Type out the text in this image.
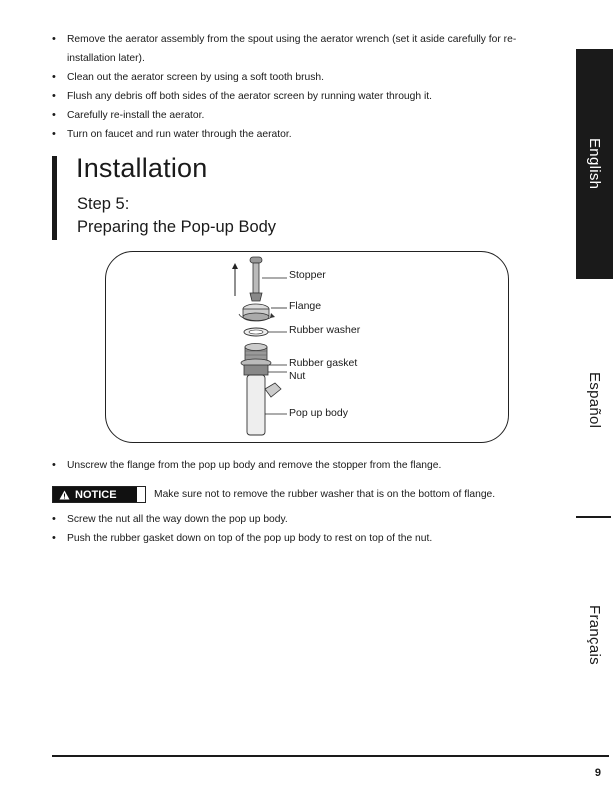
• Remove the aerator assembly from the spout using the aerator wrench (set it aside carefully for re-installation later).
• Clean out the aerator screen by using a soft tooth brush.
• Flush any debris off both sides of the aerator screen by running water through it.
• Carefully re-install the aerator.
• Turn on faucet and run water through the aerator.
Installation
Step 5:
Preparing the Pop-up Body
Stopper
Flange
Rubber washer
Rubber gasket
Nut
Pop up body
• Unscrew the flange from the pop up body and remove the stopper from the flange.
NOTICE	Make sure not to remove the rubber washer that is on the bottom of flange.
• Screw the nut all the way down the pop up body.
• Push the rubber gasket down on top of the pop up body to rest on top of the nut.
English
Español
Français
9
